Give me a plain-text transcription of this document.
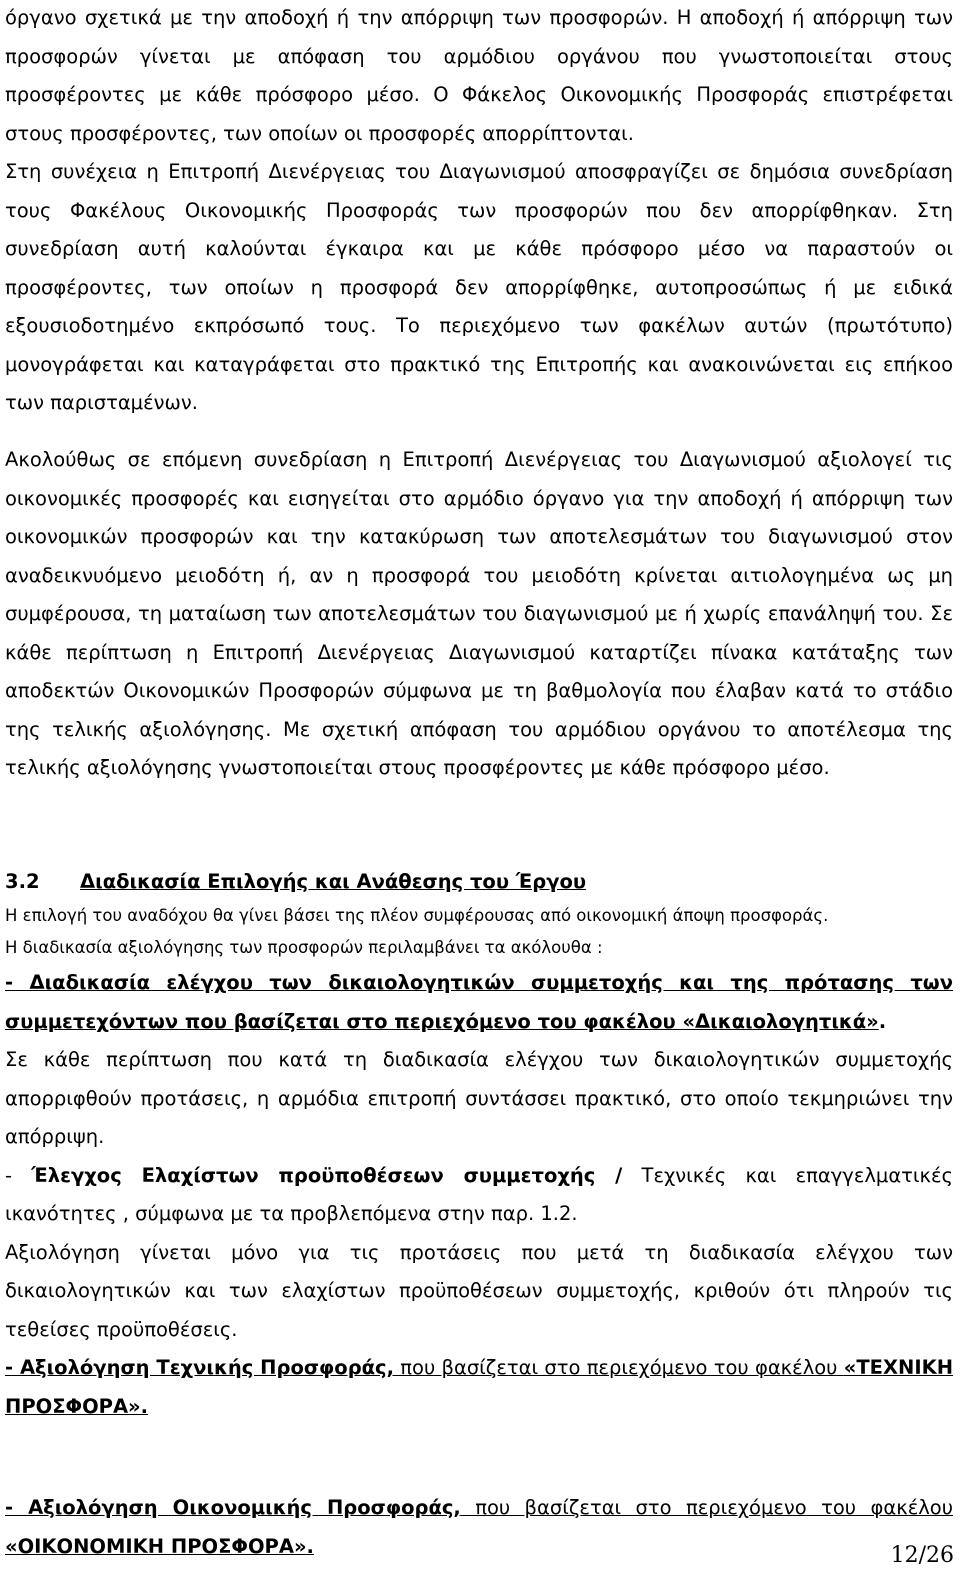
όργανο σχετικά με την αποδοχή ή την απόρριψη των προσφορών. Η αποδοχή ή απόρριψη των προσφορών γίνεται με απόφαση του αρμόδιου οργάνου που γνωστοποιείται στους προσφέροντες με κάθε πρόσφορο μέσο. Ο Φάκελος Οικονομικής Προσφοράς επιστρέφεται στους προσφέροντες, των οποίων οι προσφορές απορρίπτονται.

Στη συνέχεια η Επιτροπή Διενέργειας του Διαγωνισμού αποσφραγίζει σε δημόσια συνεδρίαση τους Φακέλους Οικονομικής Προσφοράς των προσφορών που δεν απορρίφθηκαν. Στη συνεδρίαση αυτή καλούνται έγκαιρα και με κάθε πρόσφορο μέσο να παραστούν οι προσφέροντες, των οποίων η προσφορά δεν απορρίφθηκε, αυτοπροσώπως ή με ειδικά εξουσιοδοτημένο εκπρόσωπό τους. Το περιεχόμενο των φακέλων αυτών (πρωτότυπο) μονογράφεται και καταγράφεται στο πρακτικό της Επιτροπής και ανακοινώνεται εις επήκοο των παρισταμένων.

Ακολούθως σε επόμενη συνεδρίαση η Επιτροπή Διενέργειας του Διαγωνισμού αξιολογεί τις οικονομικές προσφορές και εισηγείται στο αρμόδιο όργανο για την αποδοχή ή απόρριψη των οικονομικών προσφορών και την κατακύρωση των αποτελεσμάτων του διαγωνισμού στον αναδεικνυόμενο μειοδότη ή, αν η προσφορά του μειοδότη κρίνεται αιτιολογημένα ως μη συμφέρουσα, τη ματαίωση των αποτελεσμάτων του διαγωνισμού με ή χωρίς επανάληψή του. Σε κάθε περίπτωση η Επιτροπή Διενέργειας Διαγωνισμού καταρτίζει πίνακα κατάταξης των αποδεκτών Οικονομικών Προσφορών σύμφωνα με τη βαθμολογία που έλαβαν κατά το στάδιο της τελικής αξιολόγησης. Με σχετική απόφαση του αρμόδιου οργάνου το αποτέλεσμα της τελικής αξιολόγησης γνωστοποιείται στους προσφέροντες με κάθε πρόσφορο μέσο.

3.2 Διαδικασία Επιλογής και Ανάθεσης του Έργου

Η επιλογή του αναδόχου θα γίνει βάσει της πλέον συμφέρουσας από οικονομική άποψη προσφοράς.

Η διαδικασία αξιολόγησης των προσφορών περιλαμβάνει τα ακόλουθα :

- Διαδικασία ελέγχου των δικαιολογητικών συμμετοχής και της πρότασης των συμμετεχόντων που βασίζεται στο περιεχόμενο του φακέλου «Δικαιολογητικά».

Σε κάθε περίπτωση που κατά τη διαδικασία ελέγχου των δικαιολογητικών συμμετοχής απορριφθούν προτάσεις, η αρμόδια επιτροπή συντάσσει πρακτικό, στο οποίο τεκμηριώνει την απόρριψη.

- Έλεγχος Ελαχίστων προϋποθέσεων συμμετοχής / Τεχνικές και επαγγελματικές ικανότητες , σύμφωνα με τα προβλεπόμενα στην παρ. 1.2.

Αξιολόγηση γίνεται μόνο για τις προτάσεις που μετά τη διαδικασία ελέγχου των δικαιολογητικών και των ελαχίστων προϋποθέσεων συμμετοχής, κριθούν ότι πληρούν τις τεθείσες προϋποθέσεις.

- Αξιολόγηση Τεχνικής Προσφοράς, που βασίζεται στο περιεχόμενο του φακέλου «ΤΕΧΝΙΚΗ ΠΡΟΣΦΟΡΑ».

- Αξιολόγηση Οικονομικής Προσφοράς, που βασίζεται στο περιεχόμενο του φακέλου «ΟΙΚΟΝΟΜΙΚΗ ΠΡΟΣΦΟΡΑ».	12/26
